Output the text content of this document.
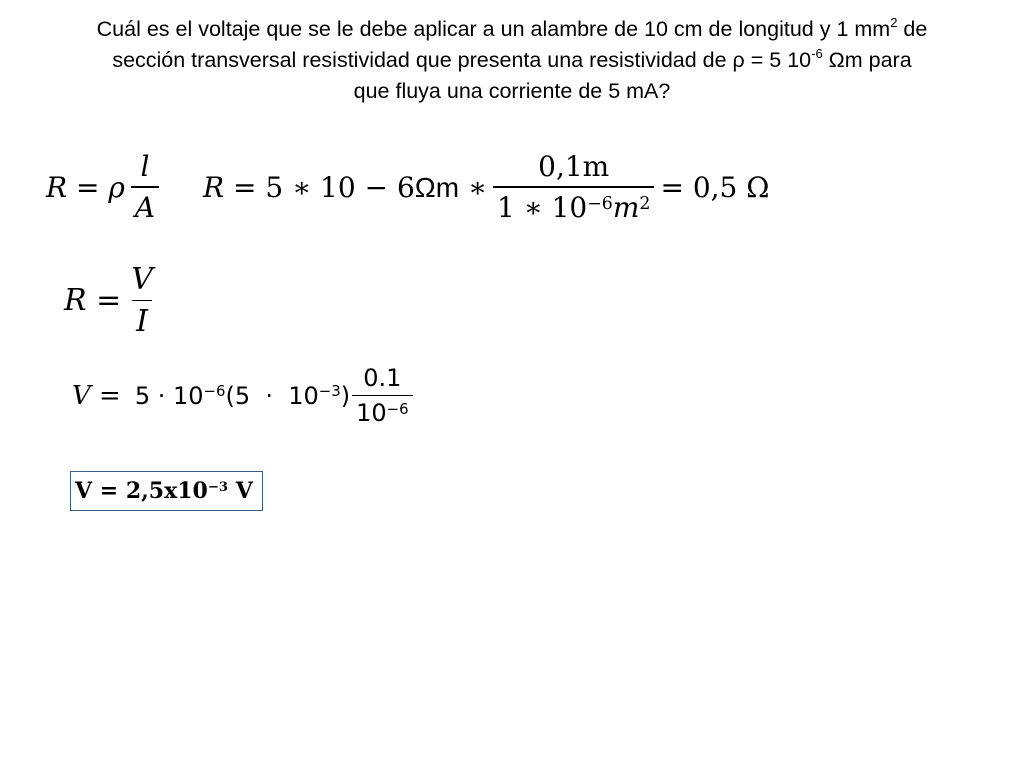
Cuál es el voltaje que se le debe aplicar a un alambre de 10 cm de longitud y 1 $mm^2$ de
sección transversal resistividad que presenta una resistividad de ρ = 5 $10^{-6}$ Ωm para
que fluya una corriente de 5 mA?
R = ρ $\frac{l}{A}$ R = 5 ∗ 10 − 6Ωm ∗ $\frac{0,1m}{1 ∗ 10^{-6}m^2} = 0,5$ Ω
$R = \frac{V}{I}$
$V = 5 \cdot 10^{-6}$ $(5 \cdot 10^{-3}) \frac{0.1}{10^{-6}}$
$V = 2,5x10^{-3}$ V
